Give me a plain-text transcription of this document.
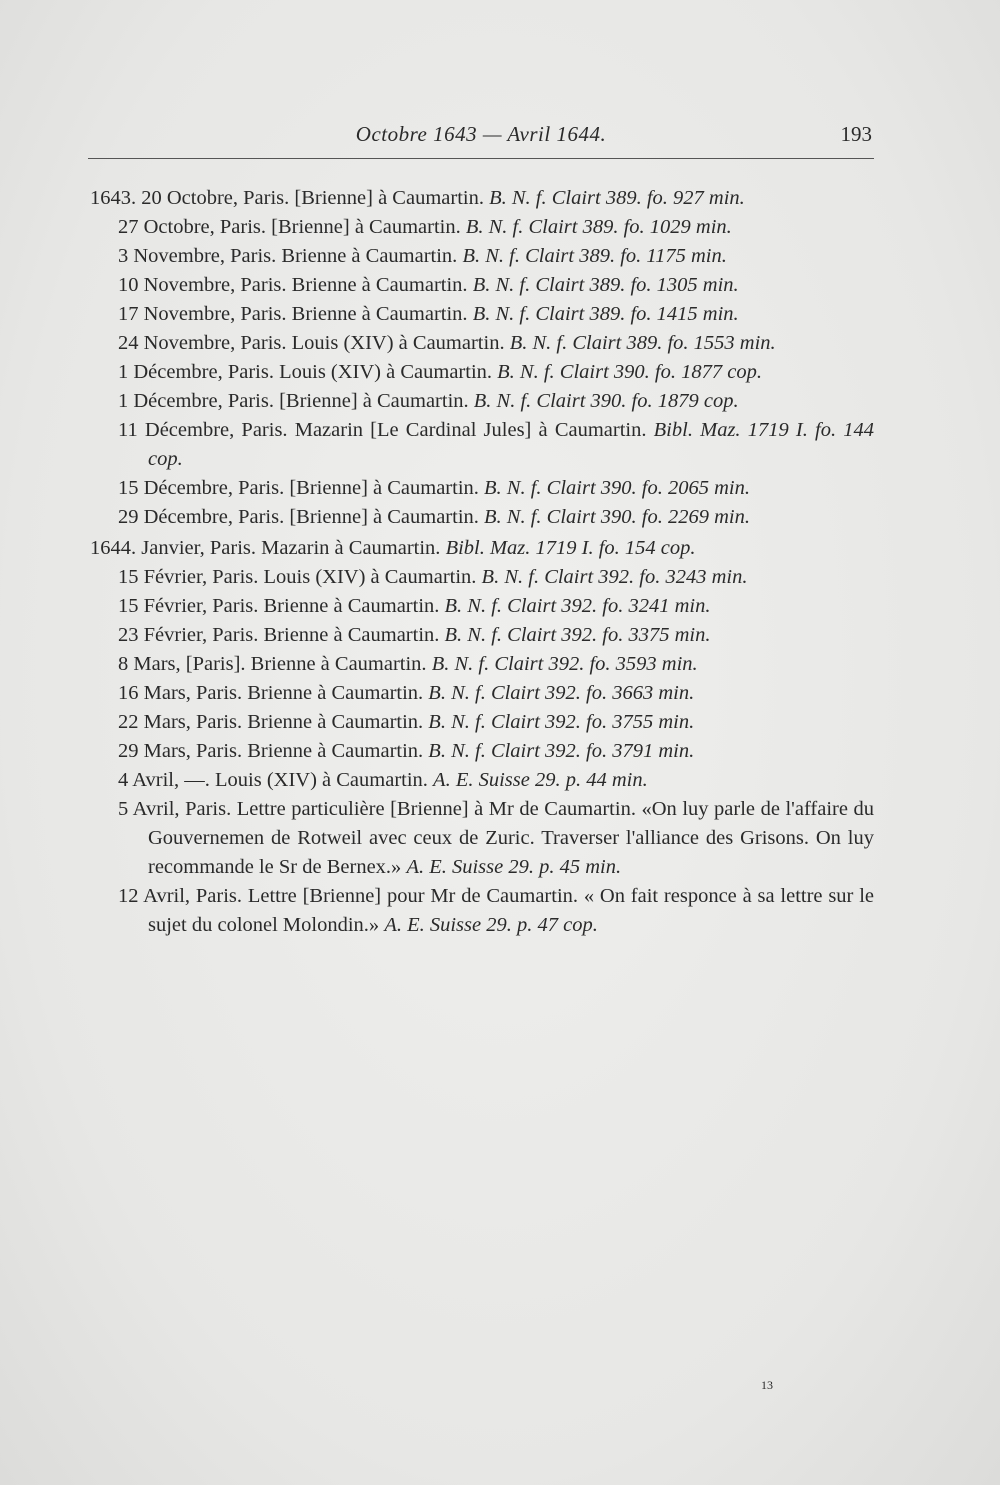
Octobre 1643 — Avril 1644.	193
1643. 20 Octobre, Paris. [Brienne] à Caumartin. B. N. f. Clairt 389. fo. 927 min.
27 Octobre, Paris. [Brienne] à Caumartin. B. N. f. Clairt 389. fo. 1029 min.
3 Novembre, Paris. Brienne à Caumartin. B. N. f. Clairt 389. fo. 1175 min.
10 Novembre, Paris. Brienne à Caumartin. B. N. f. Clairt 389. fo. 1305 min.
17 Novembre, Paris. Brienne à Caumartin. B. N. f. Clairt 389. fo. 1415 min.
24 Novembre, Paris. Louis (XIV) à Caumartin. B. N. f. Clairt 389. fo. 1553 min.
1 Décembre, Paris. Louis (XIV) à Caumartin. B. N. f. Clairt 390. fo. 1877 cop.
1 Décembre, Paris. [Brienne] à Caumartin. B. N. f. Clairt 390. fo. 1879 cop.
11 Décembre, Paris. Mazarin [Le Cardinal Jules] à Caumartin. Bibl. Maz. 1719 I. fo. 144 cop.
15 Décembre, Paris. [Brienne] à Caumartin. B. N. f. Clairt 390. fo. 2065 min.
29 Décembre, Paris. [Brienne] à Caumartin. B. N. f. Clairt 390. fo. 2269 min.
1644. Janvier, Paris. Mazarin à Caumartin. Bibl. Maz. 1719 I. fo. 154 cop.
15 Février, Paris. Louis (XIV) à Caumartin. B. N. f. Clairt 392. fo. 3243 min.
15 Février, Paris. Brienne à Caumartin. B. N. f. Clairt 392. fo. 3241 min.
23 Février, Paris. Brienne à Caumartin. B. N. f. Clairt 392. fo. 3375 min.
8 Mars, [Paris]. Brienne à Caumartin. B. N. f. Clairt 392. fo. 3593 min.
16 Mars, Paris. Brienne à Caumartin. B. N. f. Clairt 392. fo. 3663 min.
22 Mars, Paris. Brienne à Caumartin. B. N. f. Clairt 392. fo. 3755 min.
29 Mars, Paris. Brienne à Caumartin. B. N. f. Clairt 392. fo. 3791 min.
4 Avril, —. Louis (XIV) à Caumartin. A. E. Suisse 29. p. 44 min.
5 Avril, Paris. Lettre particulière [Brienne] à Mr de Caumartin. «On luy parle de l'affaire du Gouvernemen de Rotweil avec ceux de Zuric. Traverser l'alliance des Grisons. On luy recommande le Sr de Bernex.» A. E. Suisse 29. p. 45 min.
12 Avril, Paris. Lettre [Brienne] pour Mr de Caumartin. « On fait responce à sa lettre sur le sujet du colonel Molondin.» A. E. Suisse 29. p. 47 cop.
13
